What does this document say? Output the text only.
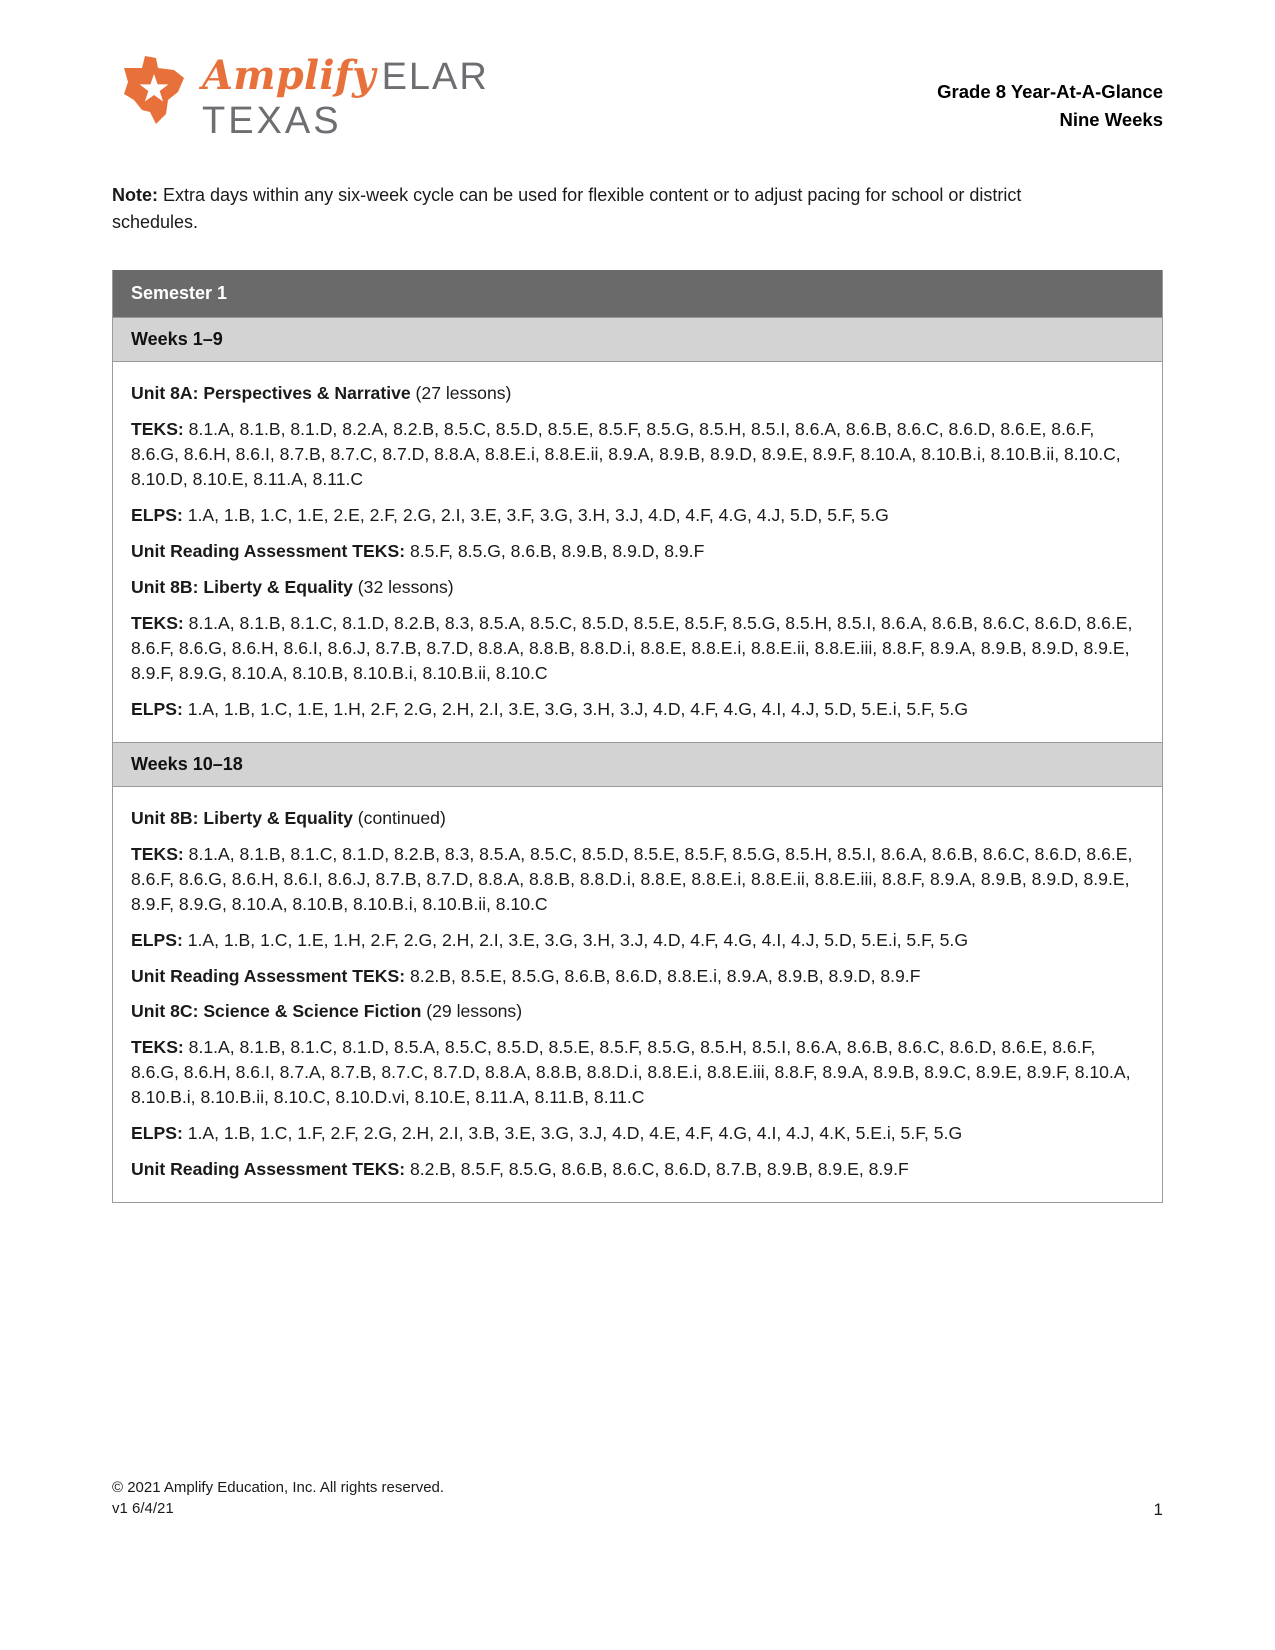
Amplify ELAR
TEXAS
Grade 8 Year-At-A-Glance
Nine Weeks
Note: Extra days within any six-week cycle can be used for flexible content or to adjust pacing for school or district schedules.
Semester 1
Weeks 1–9

Unit 8A: Perspectives & Narrative (27 lessons)

TEKS: 8.1.A, 8.1.B, 8.1.D, 8.2.A, 8.2.B, 8.5.C, 8.5.D, 8.5.E, 8.5.F, 8.5.G, 8.5.H, 8.5.I, 8.6.A, 8.6.B, 8.6.C, 8.6.D, 8.6.E, 8.6.F, 8.6.G, 8.6.H, 8.6.I, 8.7.B, 8.7.C, 8.7.D, 8.8.A, 8.8.E.i, 8.8.E.ii, 8.9.A, 8.9.B, 8.9.D, 8.9.E, 8.9.F, 8.10.A, 8.10.B.i, 8.10.B.ii, 8.10.C, 8.10.D, 8.10.E, 8.11.A, 8.11.C

ELPS: 1.A, 1.B, 1.C, 1.E, 2.E, 2.F, 2.G, 2.I, 3.E, 3.F, 3.G, 3.H, 3.J, 4.D, 4.F, 4.G, 4.J, 5.D, 5.F, 5.G

Unit Reading Assessment TEKS: 8.5.F, 8.5.G, 8.6.B, 8.9.B, 8.9.D, 8.9.F

Unit 8B: Liberty & Equality (32 lessons)

TEKS: 8.1.A, 8.1.B, 8.1.C, 8.1.D, 8.2.B, 8.3, 8.5.A, 8.5.C, 8.5.D, 8.5.E, 8.5.F, 8.5.G, 8.5.H, 8.5.I, 8.6.A, 8.6.B, 8.6.C, 8.6.D, 8.6.E, 8.6.F, 8.6.G, 8.6.H, 8.6.I, 8.6.J, 8.7.B, 8.7.D, 8.8.A, 8.8.B, 8.8.D.i, 8.8.E, 8.8.E.i, 8.8.E.ii, 8.8.E.iii, 8.8.F, 8.9.A, 8.9.B, 8.9.D, 8.9.E, 8.9.F, 8.9.G, 8.10.A, 8.10.B, 8.10.B.i, 8.10.B.ii, 8.10.C

ELPS: 1.A, 1.B, 1.C, 1.E, 1.H, 2.F, 2.G, 2.H, 2.I, 3.E, 3.G, 3.H, 3.J, 4.D, 4.F, 4.G, 4.I, 4.J, 5.D, 5.E.i, 5.F, 5.G

Weeks 10–18

Unit 8B: Liberty & Equality (continued)

TEKS: 8.1.A, 8.1.B, 8.1.C, 8.1.D, 8.2.B, 8.3, 8.5.A, 8.5.C, 8.5.D, 8.5.E, 8.5.F, 8.5.G, 8.5.H, 8.5.I, 8.6.A, 8.6.B, 8.6.C, 8.6.D, 8.6.E, 8.6.F, 8.6.G, 8.6.H, 8.6.I, 8.6.J, 8.7.B, 8.7.D, 8.8.A, 8.8.B, 8.8.D.i, 8.8.E, 8.8.E.i, 8.8.E.ii, 8.8.E.iii, 8.8.F, 8.9.A, 8.9.B, 8.9.D, 8.9.E, 8.9.F, 8.9.G, 8.10.A, 8.10.B, 8.10.B.i, 8.10.B.ii, 8.10.C

ELPS: 1.A, 1.B, 1.C, 1.E, 1.H, 2.F, 2.G, 2.H, 2.I, 3.E, 3.G, 3.H, 3.J, 4.D, 4.F, 4.G, 4.I, 4.J, 5.D, 5.E.i, 5.F, 5.G

Unit Reading Assessment TEKS: 8.2.B, 8.5.E, 8.5.G, 8.6.B, 8.6.D, 8.8.E.i, 8.9.A, 8.9.B, 8.9.D, 8.9.F

Unit 8C: Science & Science Fiction (29 lessons)

TEKS: 8.1.A, 8.1.B, 8.1.C, 8.1.D, 8.5.A, 8.5.C, 8.5.D, 8.5.E, 8.5.F, 8.5.G, 8.5.H, 8.5.I, 8.6.A, 8.6.B, 8.6.C, 8.6.D, 8.6.E, 8.6.F, 8.6.G, 8.6.H, 8.6.I, 8.7.A, 8.7.B, 8.7.C, 8.7.D, 8.8.A, 8.8.B, 8.8.D.i, 8.8.E.i, 8.8.E.iii, 8.8.F, 8.9.A, 8.9.B, 8.9.C, 8.9.E, 8.9.F, 8.10.A, 8.10.B.i, 8.10.B.ii, 8.10.C, 8.10.D.vi, 8.10.E, 8.11.A, 8.11.B, 8.11.C

ELPS: 1.A, 1.B, 1.C, 1.F, 2.F, 2.G, 2.H, 2.I, 3.B, 3.E, 3.G, 3.J, 4.D, 4.E, 4.F, 4.G, 4.I, 4.J, 4.K, 5.E.i, 5.F, 5.G

Unit Reading Assessment TEKS: 8.2.B, 8.5.F, 8.5.G, 8.6.B, 8.6.C, 8.6.D, 8.7.B, 8.9.B, 8.9.E, 8.9.F

© 2021 Amplify Education, Inc. All rights reserved.
v1 6/4/21	1
